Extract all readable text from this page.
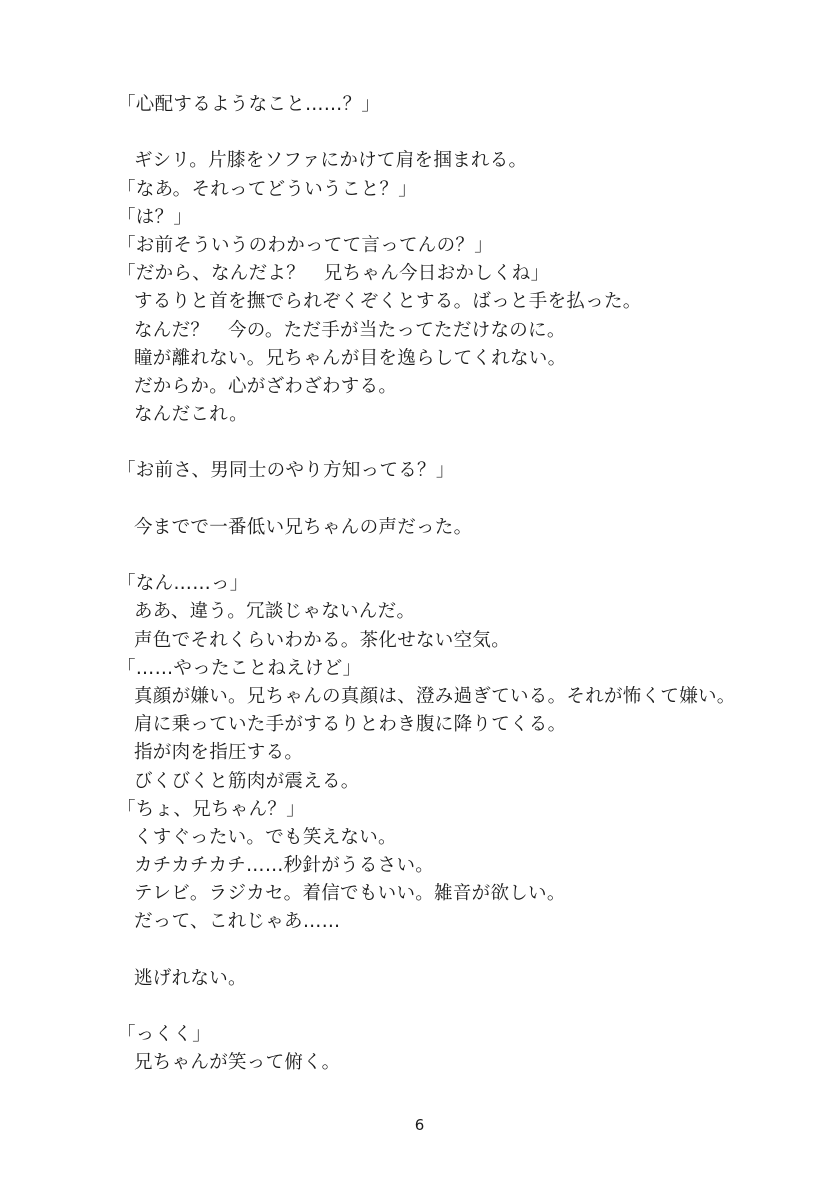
「心配するようなこと……？」
ギシリ。片膝をソファにかけて肩を掴まれる。
「なあ。それってどういうこと？」
「は？」
「お前そういうのわかってて言ってんの？」
「だから、なんだよ？　兄ちゃん今日おかしくね」
するりと首を撫でられぞくぞくとする。ばっと手を払った。
なんだ？　今の。ただ手が当たってただけなのに。
瞳が離れない。兄ちゃんが目を逸らしてくれない。
だからか。心がざわざわする。
なんだこれ。
「お前さ、男同士のやり方知ってる？」
今までで一番低い兄ちゃんの声だった。
「なん……っ」
ああ、違う。冗談じゃないんだ。
声色でそれくらいわかる。茶化せない空気。
「……やったことねえけど」
真顔が嫌い。兄ちゃんの真顔は、澄み過ぎている。それが怖くて嫌い。
肩に乗っていた手がするりとわき腹に降りてくる。
指が肉を指圧する。
びくびくと筋肉が震える。
「ちょ、兄ちゃん？」
くすぐったい。でも笑えない。
カチカチカチ……秒針がうるさい。
テレビ。ラジカセ。着信でもいい。雑音が欲しい。
だって、これじゃあ……
逃げれない。
「っくく」
兄ちゃんが笑って俯く。
6
